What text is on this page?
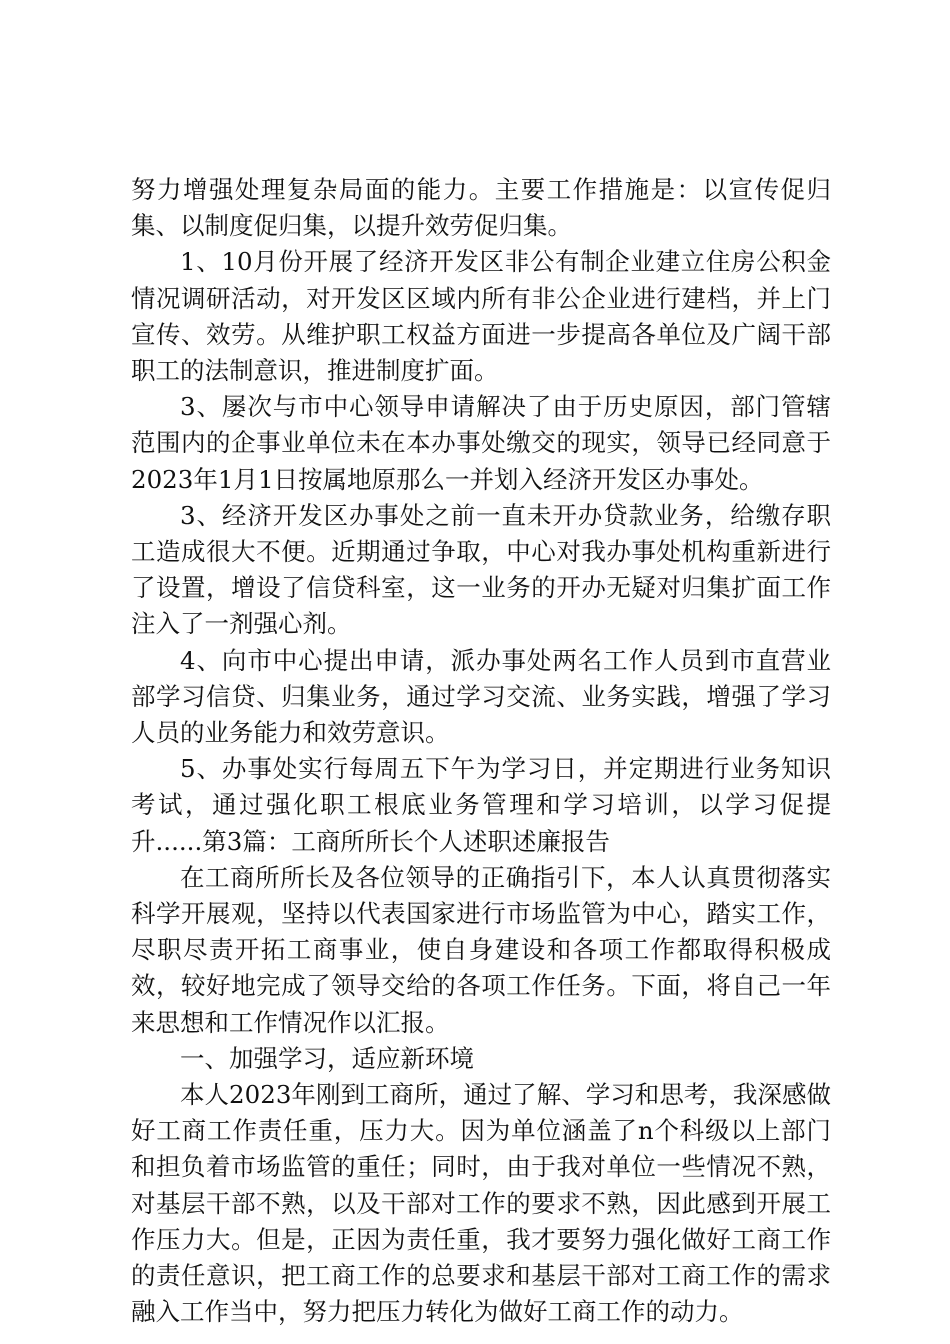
努力增强处理复杂局面的能力。主要工作措施是：以宣传促归集、以制度促归集，以提升效劳促归集。

1、10月份开展了经济开发区非公有制企业建立住房公积金情况调研活动，对开发区区域内所有非公企业进行建档，并上门宣传、效劳。从维护职工权益方面进一步提高各单位及广阔干部职工的法制意识，推进制度扩面。

3、屡次与市中心领导申请解决了由于历史原因，部门管辖范围内的企事业单位未在本办事处缴交的现实，领导已经同意于2023年1月1日按属地原那么一并划入经济开发区办事处。

3、经济开发区办事处之前一直未开办贷款业务，给缴存职工造成很大不便。近期通过争取，中心对我办事处机构重新进行了设置，增设了信贷科室，这一业务的开办无疑对归集扩面工作注入了一剂强心剂。

4、向市中心提出申请，派办事处两名工作人员到市直营业部学习信贷、归集业务，通过学习交流、业务实践，增强了学习人员的业务能力和效劳意识。

5、办事处实行每周五下午为学习日，并定期进行业务知识考试，通过强化职工根底业务管理和学习培训，以学习促提升......第3篇：工商所所长个人述职述廉报告

在工商所所长及各位领导的正确指引下，本人认真贯彻落实科学开展观，坚持以代表国家进行市场监管为中心，踏实工作，尽职尽责开拓工商事业，使自身建设和各项工作都取得积极成效，较好地完成了领导交给的各项工作任务。下面，将自己一年来思想和工作情况作以汇报。

一、加强学习，适应新环境

本人2023年刚到工商所，通过了解、学习和思考，我深感做好工商工作责任重，压力大。因为单位涵盖了n个科级以上部门和担负着市场监管的重任；同时，由于我对单位一些情况不熟，对基层干部不熟，以及干部对工作的要求不熟，因此感到开展工作压力大。但是，正因为责任重，我才要努力强化做好工商工作的责任意识，把工商工作的总要求和基层干部对工商工作的需求融入工作当中，努力把压力转化为做好工商工作的动力。
